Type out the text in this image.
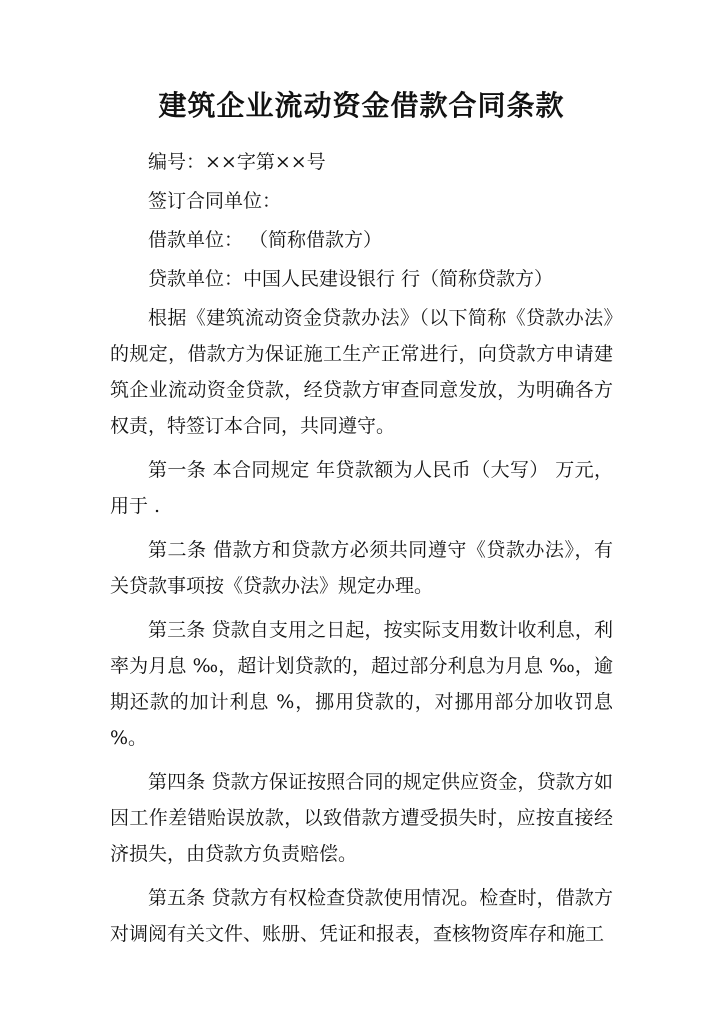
建筑企业流动资金借款合同条款

编号：××字第××号

签订合同单位：

借款单位： （简称借款方）

贷款单位：中国人民建设银行 行（简称贷款方）

根据《建筑流动资金贷款办法》（以下简称《贷款办法》的规定，借款方为保证施工生产正常进行，向贷款方申请建筑企业流动资金贷款，经贷款方审查同意发放，为明确各方权责，特签订本合同，共同遵守。

第一条 本合同规定 年贷款额为人民币（大写） 万元，用于 .

第二条 借款方和贷款方必须共同遵守《贷款办法》，有关贷款事项按《贷款办法》规定办理。

第三条 贷款自支用之日起，按实际支用数计收利息，利率为月息 ‰，超计划贷款的，超过部分利息为月息 ‰，逾期还款的加计利息 %，挪用贷款的，对挪用部分加收罚息 %。

第四条 贷款方保证按照合同的规定供应资金，贷款方如因工作差错贻误放款，以致借款方遭受损失时，应按直接经济损失，由贷款方负责赔偿。

第五条 贷款方有权检查贷款使用情况。检查时，借款方对调阅有关文件、账册、凭证和报表，查核物资库存和施工
